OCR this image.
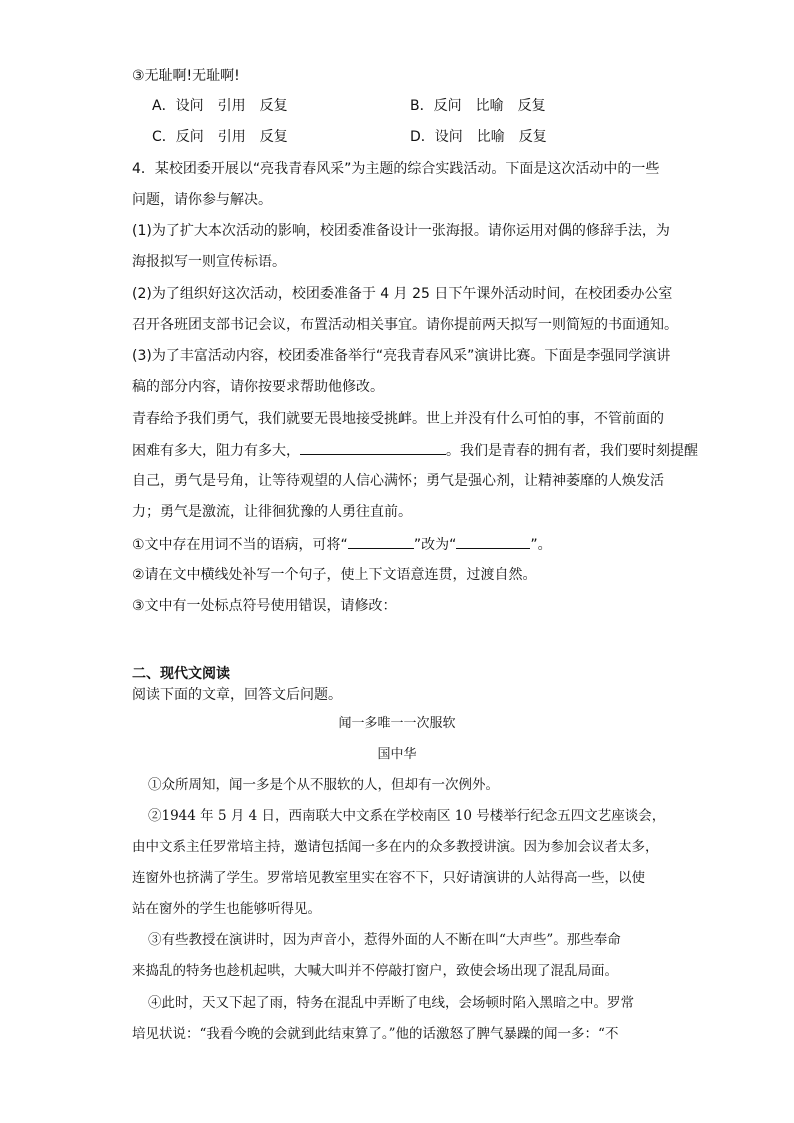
③无耻啊!无耻啊!
A．设问　引用　反复	B．反问　比喻　反复
C．反问　引用　反复	D．设问　比喻　反复
4．某校团委开展以“亮我青春风采”为主题的综合实践活动。下面是这次活动中的一些
问题，请你参与解决。
(1)为了扩大本次活动的影响，校团委准备设计一张海报。请你运用对偶的修辞手法，为
海报拟写一则宣传标语。
(2)为了组织好这次活动，校团委准备于 4 月 25 日下午课外活动时间，在校团委办公室
召开各班团支部书记会议，布置活动相关事宜。请你提前两天拟写一则简短的书面通知。
(3)为了丰富活动内容，校团委准备举行“亮我青春风采”演讲比赛。下面是李强同学演讲
稿的部分内容，请你按要求帮助他修改。
青春给予我们勇气，我们就要无畏地接受挑衅。世上并没有什么可怕的事，不管前面的
困难有多大，阻力有多大，	。我们是青春的拥有者，我们要时刻提醒
自己，勇气是号角，让等待观望的人信心满怀；勇气是强心剂，让精神萎靡的人焕发活
力；勇气是激流，让徘徊犹豫的人勇往直前。
①文中存在用词不当的语病，可将“	”改为“	”。
②请在文中横线处补写一个句子，使上下文语意连贯，过渡自然。
③文中有一处标点符号使用错误，请修改：
二、现代文阅读
阅读下面的文章，回答文后问题。
闻一多唯一一次服软
国中华
①众所周知，闻一多是个从不服软的人，但却有一次例外。
②1944 年 5 月 4 日，西南联大中文系在学校南区 10 号楼举行纪念五四文艺座谈会，
由中文系主任罗常培主持，邀请包括闻一多在内的众多教授讲演。因为参加会议者太多，
连窗外也挤满了学生。罗常培见教室里实在容不下，只好请演讲的人站得高一些，以使
站在窗外的学生也能够听得见。
③有些教授在演讲时，因为声音小，惹得外面的人不断在叫“大声些”。那些奉命
来捣乱的特务也趁机起哄，大喊大叫并不停敲打窗户，致使会场出现了混乱局面。
④此时，天又下起了雨，特务在混乱中弄断了电线，会场顿时陷入黑暗之中。罗常
培见状说：“我看今晚的会就到此结束算了。”他的话激怒了脾气暴躁的闻一多：“不
